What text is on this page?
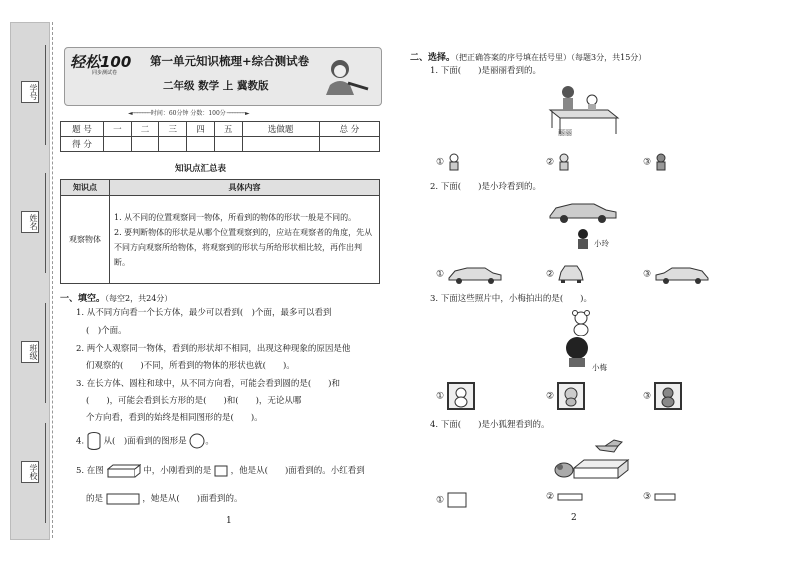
学号
姓名
班级
学校
轻松100
同步测试卷
第一单元知识梳理+综合测试卷
二年级 数学 上 冀教版
◄─────── 时间：60分钟 分数：100分 ───────►
题 号	一	二	三	四	五	选做题	总 分
得 分							
知识点汇总表
知识点	具体内容
观察物体	1. 从不同的位置观察同一物体，所看到的物体的形状一般是不同的。

2. 要判断物体的形状是从哪个位置观察到的，应站在观察者的角度，先从不同方向观察所给物体，将观察到的形状与所给形状相比较，再作出判断。

一、填空。（每空2，共24分）
1. 从不同方向看一个长方体，最少可以看到(　)个面，最多可以看到
(　)个面。
2. 两个人观察同一物体，看到的形状却不相同，出现这种现象的原因是他
们观察的(　　)不同，所看到的物体的形状也就(　　)。
3. 在长方体、圆柱和球中，从不同方向看，可能会看到圆的是(　　)和
(　　)，可能会看到长方形的是(　　)和(　　)，无论从哪
个方向看，看到的始终是相同图形的是(　　)。
4. 从(　)面看到的图形是 。
5. 在图	中，小刚看到的是 ，他是从(　　)面看到的。小红看到
的是	，她是从(　　)面看到的。
1
二、选择。（把正确答案的序号填在括号里）（每题3分，共15分）
1. 下面(　　)是丽丽看到的。
丽丽
①	②	③
2. 下面(　　)是小玲看到的。
小玲
①	②	③
3. 下面这些照片中，小梅拍出的是(　　)。
小梅
①	②	③
4. 下面(　　)是小狐狸看到的。
①	②	③
2
